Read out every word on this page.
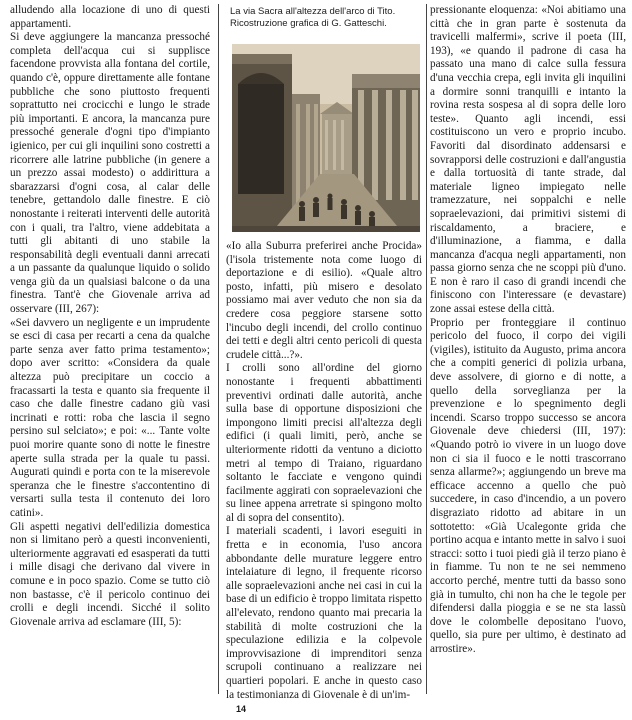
alludendo alla locazione di uno di questi appartamenti.

Si deve aggiungere la mancanza pressoché completa dell'acqua cui si supplisce facendone provvista alla fontana del cortile, quando c'è, oppure direttamente alle fontane pubbliche che sono piuttosto frequenti soprattutto nei crocicchi e lungo le strade più importanti. E ancora, la mancanza pure pressoché generale d'ogni tipo d'impianto igienico, per cui gli inquilini sono costretti a ricorrere alle latrine pubbliche (in genere a un prezzo assai modesto) o addirittura a sbarazzarsi d'ogni cosa, al calar delle tenebre, gettandolo dalle finestre. E ciò nonostante i reiterati interventi delle autorità con i quali, tra l'altro, viene addebitata a tutti gli abitanti di uno stabile la responsabilità degli eventuali danni arrecati a un passante da qualunque liquido o solido venga giù da un qualsiasi balcone o da una finestra. Tant'è che Giovenale arriva ad osservare (III, 267):

«Sei davvero un negligente e un imprudente se esci di casa per recarti a cena da qualche parte senza aver fatto prima testamento»; dopo aver scritto: «Considera da quale altezza può precipitare un coccio a fracassarti la testa e quanto sia frequente il caso che dalle finestre cadano giù vasi incrinati e rotti: roba che lascia il segno persino sul selciato»; e poi: «... Tante volte puoi morire quante sono di notte le finestre aperte sulla strada per la quale tu passi. Augurati quindi e porta con te la miserevole speranza che le finestre s'accontentino di versarti sulla testa il contenuto dei loro catini».

Gli aspetti negativi dell'edilizia domestica non si limitano però a questi inconvenienti, ulteriormente aggravati ed esasperati da tutti i mille disagi che derivano dal vivere in comune e in poco spazio. Come se tutto ciò non bastasse, c'è il pericolo continuo dei crolli e degli incendi. Sicché il solito Giovenale arriva ad esclamare (III, 5):

La via Sacra all'altezza dell'arco di Tito. Ricostruzione grafica di G. Gatteschi.

«Io alla Suburra preferirei anche Procida» (l'isola tristemente nota come luogo di deportazione e di esilio). «Quale altro posto, infatti, più misero e desolato possiamo mai aver veduto che non sia da credere cosa peggiore starsene sotto l'incubo degli incendi, del crollo continuo dei tetti e degli altri cento pericoli di questa crudele città...?».

I crolli sono all'ordine del giorno nonostante i frequenti abbattimenti preventivi ordinati dalle autorità, anche sulla base di opportune disposizioni che impongono limiti precisi all'altezza degli edifici (i quali limiti, però, anche se ulteriormente ridotti da ventuno a diciotto metri al tempo di Traiano, riguardano soltanto le facciate e vengono quindi facilmente aggirati con sopraelevazioni che su linee appena arretrate si spingono molto al di sopra del consentito).

I materiali scadenti, i lavori eseguiti in fretta e in economia, l'uso ancora abbondante delle murature leggere entro intelaiature di legno, il frequente ricorso alle sopraelevazioni anche nei casi in cui la base di un edificio è troppo limitata rispetto all'elevato, rendono quanto mai precaria la stabilità di molte costruzioni che la speculazione edilizia e la colpevole improvvisazione di imprenditori senza scrupoli continuano a realizzare nei quartieri popolari. E anche in questo caso la testimonianza di Giovenale è di un'im-

pressionante eloquenza: «Noi abitiamo una città che in gran parte è sostenuta da travicelli malfermi», scrive il poeta (III, 193), «e quando il padrone di casa ha passato una mano di calce sulla fessura d'una vecchia crepa, egli invita gli inquilini a dormire sonni tranquilli e intanto la rovina resta sospesa al di sopra delle loro teste». Quanto agli incendi, essi costituiscono un vero e proprio incubo. Favoriti dal disordinato addensarsi e sovrapporsi delle costruzioni e dall'angustia e dalla tortuosità di tante strade, dal materiale ligneo impiegato nelle tramezzature, nei soppalchi e nelle sopraelevazioni, dai primitivi sistemi di riscaldamento, a braciere, e d'illuminazione, a fiamma, e dalla mancanza d'acqua negli appartamenti, non passa giorno senza che ne scoppi più d'uno. E non è raro il caso di grandi incendi che finiscono con l'interessare (e devastare) zone assai estese della città.

Proprio per fronteggiare il continuo pericolo del fuoco, il corpo dei vigili (vigiles), istituito da Augusto, prima ancora che a compiti generici di polizia urbana, deve assolvere, di giorno e di notte, a quello della sorveglianza per la prevenzione e lo spegnimento degli incendi. Scarso troppo successo se ancora Giovenale deve chiedersi (III, 197): «Quando potrò io vivere in un luogo dove non ci sia il fuoco e le notti trascorrano senza allarme?»; aggiungendo un breve ma efficace accenno a quello che può succedere, in caso d'incendio, a un povero disgraziato ridotto ad abitare in un sottotetto: «Già Ucalegonte grida che portino acqua e intanto mette in salvo i suoi stracci: sotto i tuoi piedi già il terzo piano è in fiamme. Tu non te ne sei nemmeno accorto perché, mentre tutti da basso sono già in tumulto, chi non ha che le tegole per difendersi dalla pioggia e se ne sta lassù dove le colombelle depositano l'uovo, quello, sia pure per ultimo, è destinato ad arrostire».

14
